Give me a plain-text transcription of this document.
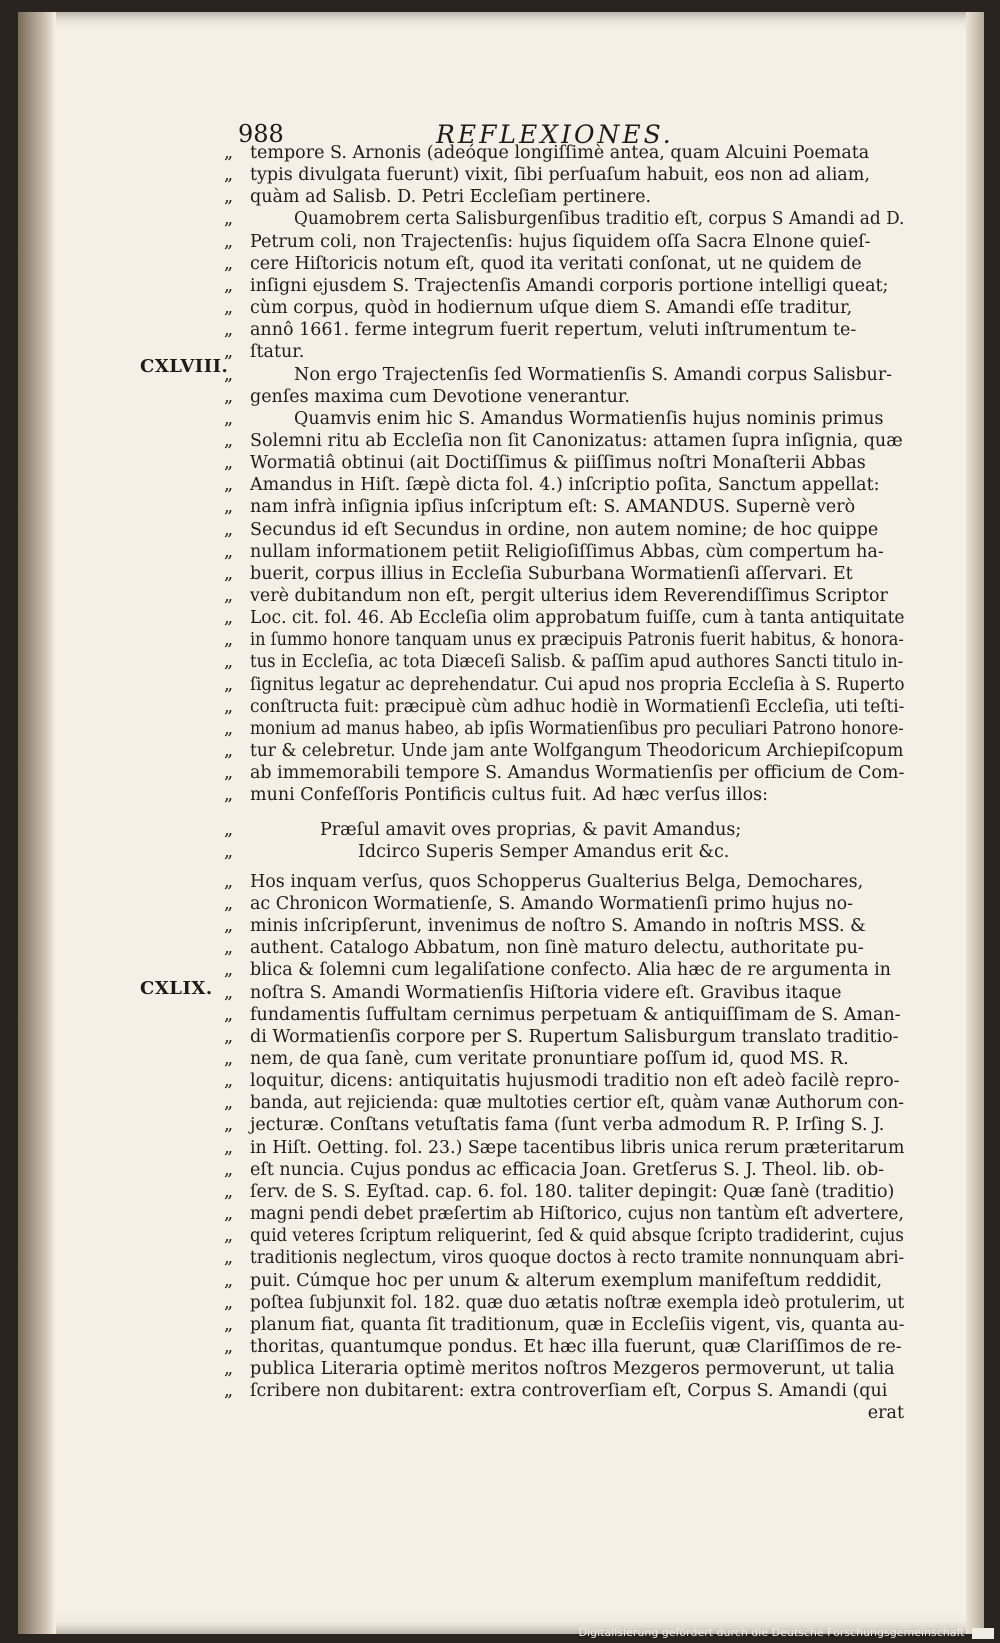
988	REFLEXIONES.
CXLVIII.
CXLIX.
„ tempore S. Arnonis (adeóque longiſſimè antea, quam Alcuini Poemata
„ typis divulgata fuerunt) vixit, ſibi perſuaſum habuit, eos non ad aliam,
„ quàm ad Salisb. D. Petri Eccleſiam pertinere.
„	Quamobrem certa Salisburgenſibus traditio eſt, corpus S Amandi ad D.
„ Petrum coli, non Trajectenſis: hujus ſiquidem oſſa Sacra Elnone quieſ-
„ cere Hiſtoricis notum eſt, quod ita veritati conſonat, ut ne quidem de
„ inſigni ejusdem S. Trajectenſis Amandi corporis portione intelligi queat;
„ cùm corpus, quòd in hodiernum uſque diem S. Amandi eſſe traditur,
„ annô 1661. ferme integrum fuerit repertum, veluti inſtrumentum te-
„ ſtatur.
„	Non ergo Trajectenſis ſed Wormatienſis S. Amandi corpus Salisbur-
„ genſes maxima cum Devotione venerantur.
„	Quamvis enim hic S. Amandus Wormatienſis hujus nominis primus
„ Solemni ritu ab Eccleſia non ſit Canonizatus: attamen ſupra inſignia, quæ
„ Wormatiâ obtinui (ait Doctiſſimus & piiſſimus noſtri Monaſterii Abbas
„ Amandus in Hiſt. ſæpè dicta fol. 4.) inſcriptio poſita, Sanctum appellat:
„ nam infrà inſignia ipſius inſcriptum eſt: S. AMANDUS. Supernè verò
„ Secundus id eſt Secundus in ordine, non autem nomine; de hoc quippe
„ nullam informationem petiit Religioſiſſimus Abbas, cùm compertum ha-
„ buerit, corpus illius in Eccleſia Suburbana Wormatienſi aſſervari. Et
„ verè dubitandum non eſt, pergit ulterius idem Reverendiſſimus Scriptor
„ Loc. cit. fol. 46. Ab Eccleſia olim approbatum fuiſſe, cum à tanta antiquitate
„ in ſummo honore tanquam unus ex præcipuis Patronis fuerit habitus, & honora-
„ tus in Eccleſia, ac tota Diæceſi Salisb. & paſſim apud authores Sancti titulo in-
„ ſignitus legatur ac deprehendatur. Cui apud nos propria Eccleſia à S. Ruperto
„ conſtructa fuit: præcipuè cùm adhuc hodiè in Wormatienſi Eccleſia, uti teſti-
„ monium ad manus habeo, ab ipſis Wormatienſibus pro peculiari Patrono honore-
„ tur & celebretur. Unde jam ante Wolfgangum Theodoricum Archiepiſcopum
„ ab immemorabili tempore S. Amandus Wormatienſis per officium de Com-
„ muni Confeſſoris Pontificis cultus fuit. Ad hæc verſus illos:
„	Præſul amavit oves proprias, & pavit Amandus;
„	Idcirco Superis Semper Amandus erit &c.
„ Hos inquam verſus, quos Schopperus Gualterius Belga, Demochares,
„ ac Chronicon Wormatienſe, S. Amando Wormatienſi primo hujus no-
„ minis inſcripſerunt, invenimus de noſtro S. Amando in noſtris MSS. &
„ authent. Catalogo Abbatum, non ſinè maturo delectu, authoritate pu-
„ blica & ſolemni cum legaliſatione confecto. Alia hæc de re argumenta in
„ noſtra S. Amandi Wormatienſis Hiſtoria videre eſt. Gravibus itaque
„ fundamentis ſuffultam cernimus perpetuam & antiquiſſimam de S. Aman-
„ di Wormatienſis corpore per S. Rupertum Salisburgum translato traditio-
„ nem, de qua ſanè, cum veritate pronuntiare poſſum id, quod MS. R.
„ loquitur, dicens: antiquitatis hujusmodi traditio non eſt adeò facilè repro-
„ banda, aut rejicienda: quæ multoties certior eſt, quàm vanæ Authorum con-
„ jecturæ. Conſtans vetuſtatis fama (ſunt verba admodum R. P. Irſing S. J.
„ in Hiſt. Oetting. fol. 23.) Sæpe tacentibus libris unica rerum præteritarum
„ eſt nuncia. Cujus pondus ac efficacia Joan. Gretſerus S. J. Theol. lib. ob-
„ ſerv. de S. S. Eyſtad. cap. 6. fol. 180. taliter depingit: Quæ ſanè (traditio)
„ magni pendi debet præſertim ab Hiſtorico, cujus non tantùm eſt advertere,
„ quid veteres ſcriptum reliquerint, ſed & quid absque ſcripto tradiderint, cujus
„ traditionis neglectum, viros quoque doctos à recto tramite nonnunquam abri-
„ puit. Cúmque hoc per unum & alterum exemplum manifeſtum reddidit,
„ poſtea ſubjunxit fol. 182. quæ duo ætatis noſtræ exempla ideò protulerim, ut
„ planum fiat, quanta ſit traditionum, quæ in Eccleſiis vigent, vis, quanta au-
„ thoritas, quantumque pondus. Et hæc illa fuerunt, quæ Clariſſimos de re-
„ publica Literaria optimè meritos noſtros Mezgeros permoverunt, ut talia
„ ſcribere non dubitarent: extra controverſiam eſt, Corpus S. Amandi (qui
erat
Digitalisierung gefördert durch die Deutsche Forschungsgemeinschaft
